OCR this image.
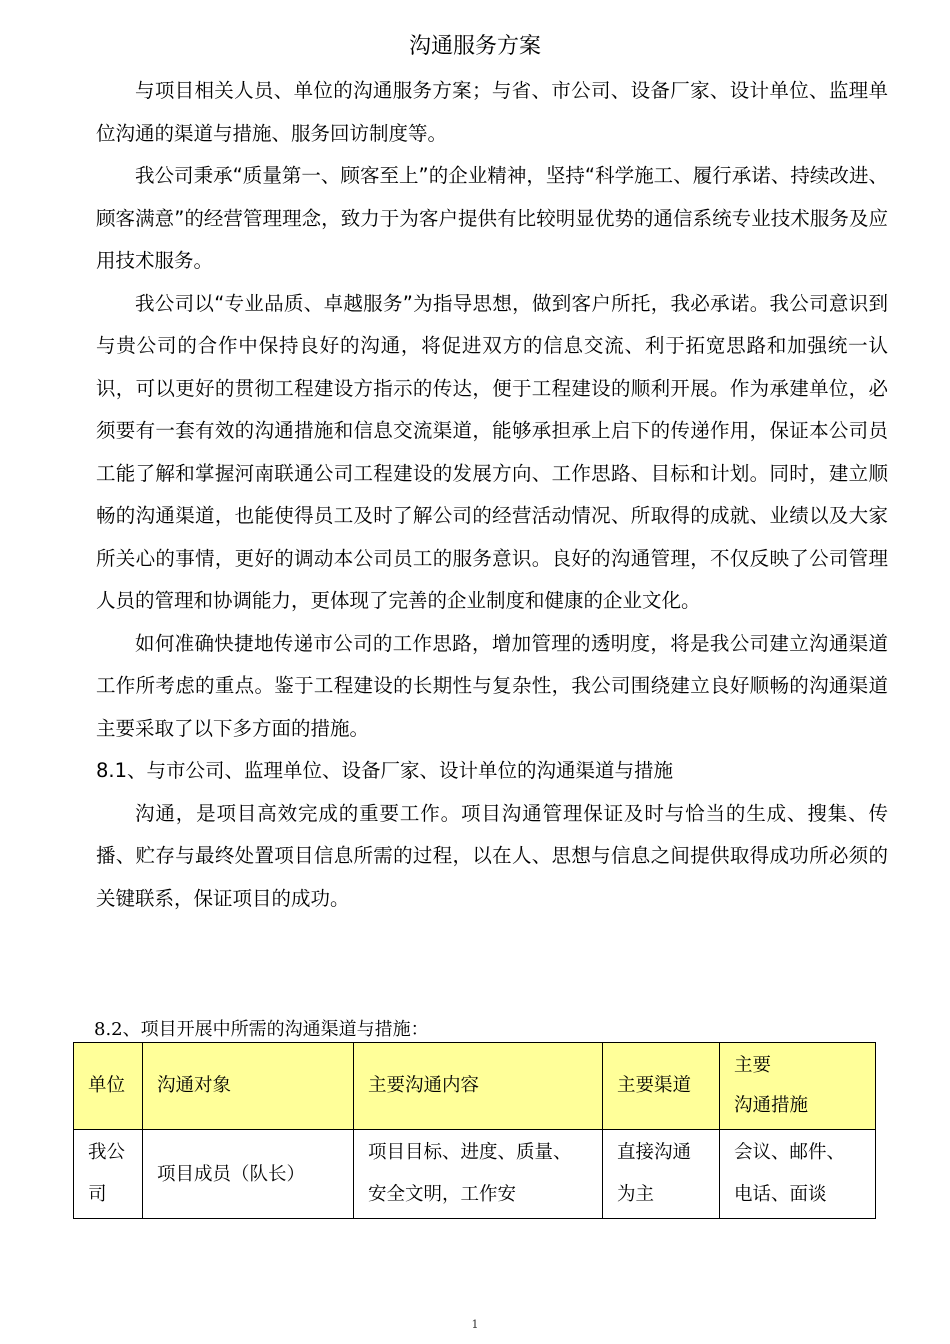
沟通服务方案

与项目相关人员、单位的沟通服务方案；与省、市公司、设备厂家、设计单位、监理单位沟通的渠道与措施、服务回访制度等。

我公司秉承“质量第一、顾客至上”的企业精神，坚持“科学施工、履行承诺、持续改进、顾客满意”的经营管理理念，致力于为客户提供有比较明显优势的通信系统专业技术服务及应用技术服务。

我公司以“专业品质、卓越服务”为指导思想，做到客户所托，我必承诺。我公司意识到与贵公司的合作中保持良好的沟通，将促进双方的信息交流、利于拓宽思路和加强统一认识，可以更好的贯彻工程建设方指示的传达，便于工程建设的顺利开展。作为承建单位，必须要有一套有效的沟通措施和信息交流渠道，能够承担承上启下的传递作用，保证本公司员工能了解和掌握河南联通公司工程建设的发展方向、工作思路、目标和计划。同时，建立顺畅的沟通渠道，也能使得员工及时了解公司的经营活动情况、所取得的成就、业绩以及大家所关心的事情，更好的调动本公司员工的服务意识。良好的沟通管理，不仅反映了公司管理人员的管理和协调能力，更体现了完善的企业制度和健康的企业文化。

如何准确快捷地传递市公司的工作思路，增加管理的透明度，将是我公司建立沟通渠道工作所考虑的重点。鉴于工程建设的长期性与复杂性，我公司围绕建立良好顺畅的沟通渠道主要采取了以下多方面的措施。

8.1、与市公司、监理单位、设备厂家、设计单位的沟通渠道与措施

沟通，是项目高效完成的重要工作。项目沟通管理保证及时与恰当的生成、搜集、传播、贮存与最终处置项目信息所需的过程，以在人、思想与信息之间提供取得成功所必须的关键联系，保证项目的成功。

8.2、项目开展中所需的沟通渠道与措施：
单位	沟通对象	主要沟通内容	主要渠道	主要
沟通措施

我公司	项目成员（队长）	项目目标、进度、质量、安全文明，工作安	直接沟通为主	会议、邮件、电话、面谈
1
